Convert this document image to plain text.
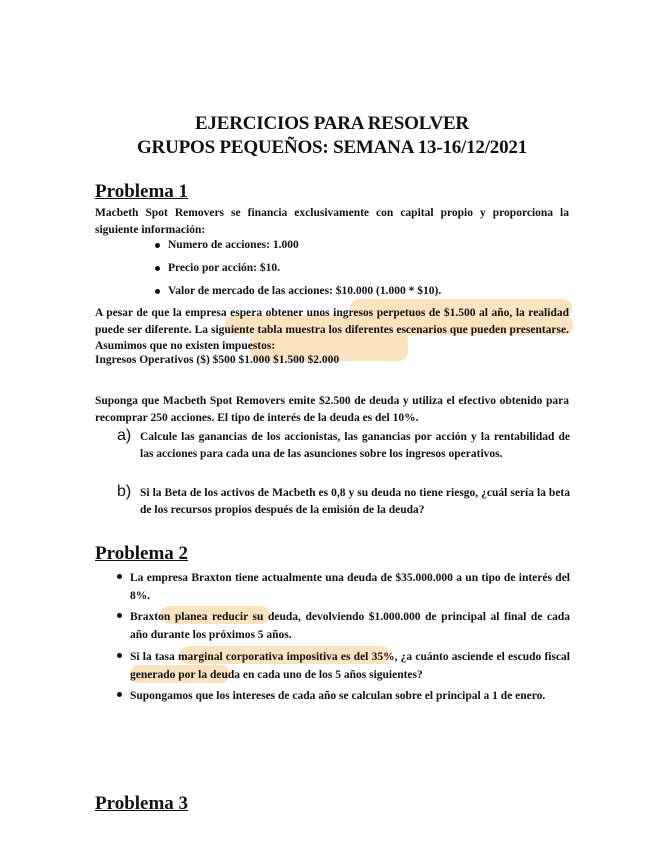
EJERCICIOS PARA RESOLVER
GRUPOS PEQUEÑOS: SEMANA 13-16/12/2021
Problema 1
Macbeth Spot Removers se financia exclusivamente con capital propio y proporciona la siguiente información:
Numero de acciones: 1.000
Precio por acción: $10.
Valor de mercado de las acciones: $10.000 (1.000 * $10).
A pesar de que la empresa espera obtener unos ingresos perpetuos de $1.500 al año, la realidad puede ser diferente. La siguiente tabla muestra los diferentes escenarios que pueden presentarse. Asumimos que no existen impuestos:
Ingresos Operativos ($) $500 $1.000 $1.500 $2.000
Suponga que Macbeth Spot Removers emite $2.500 de deuda y utiliza el efectivo obtenido para recomprar 250 acciones. El tipo de interés de la deuda es del 10%.
a) Calcule las ganancias de los accionistas, las ganancias por acción y la rentabilidad de las acciones para cada una de las asunciones sobre los ingresos operativos.
b) Si la Beta de los activos de Macbeth es 0,8 y su deuda no tiene riesgo, ¿cuál sería la beta de los recursos propios después de la emisión de la deuda?
Problema 2
La empresa Braxton tiene actualmente una deuda de $35.000.000 a un tipo de interés del 8%.
Braxton planea reducir su deuda, devolviendo $1.000.000 de principal al final de cada año durante los próximos 5 años.
Si la tasa marginal corporativa impositiva es del 35%, ¿a cuánto asciende el escudo fiscal generado por la deuda en cada uno de los 5 años siguientes?
Supongamos que los intereses de cada año se calculan sobre el principal a 1 de enero.
Problema 3
